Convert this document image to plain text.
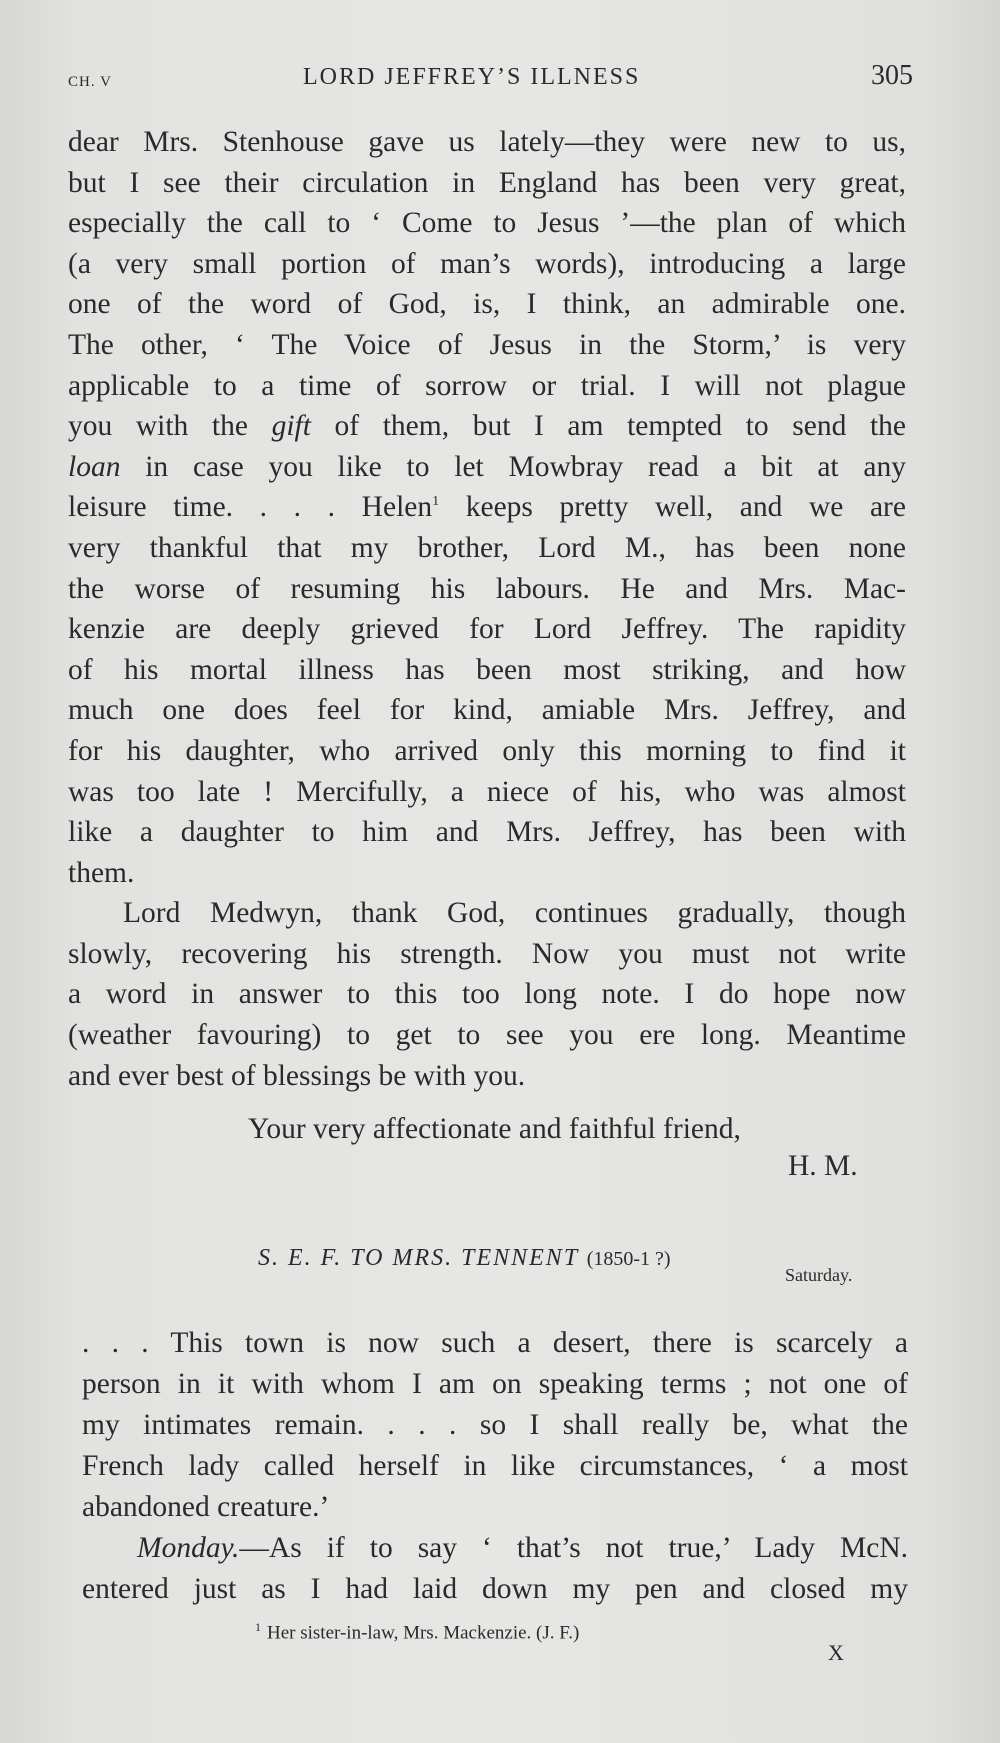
CH. V	LORD JEFFREY’S ILLNESS	305
dear Mrs. Stenhouse gave us lately—they were new to us,
but I see their circulation in England has been very great,
especially the call to ‘ Come to Jesus ’—the plan of which
(a very small portion of man’s words), introducing a large
one of the word of God, is, I think, an admirable one.
The other, ‘ The Voice of Jesus in the Storm,’ is very
applicable to a time of sorrow or trial. I will not plague
you with the gift of them, but I am tempted to send the
loan in case you like to let Mowbray read a bit at any
leisure time. . . . Helen$^1$ keeps pretty well, and we are
very thankful that my brother, Lord M., has been none
the worse of resuming his labours. He and Mrs. Mac-
kenzie are deeply grieved for Lord Jeffrey. The rapidity
of his mortal illness has been most striking, and how
much one does feel for kind, amiable Mrs. Jeffrey, and
for his daughter, who arrived only this morning to find it
was too late ! Mercifully, a niece of his, who was almost
like a daughter to him and Mrs. Jeffrey, has been with
them.
Lord Medwyn, thank God, continues gradually, though
slowly, recovering his strength. Now you must not write
a word in answer to this too long note. I do hope now
(weather favouring) to get to see you ere long. Meantime
and ever best of blessings be with you.
Your very affectionate and faithful friend,
H. M.
S. E. F. TO MRS. TENNENT (1850-1 ?)
Saturday.
. . . This town is now such a desert, there is scarcely a
person in it with whom I am on speaking terms ; not one of
my intimates remain. . . . so I shall really be, what the
French lady called herself in like circumstances, ‘ a most
abandoned creature.’
Monday.—As if to say ‘ that’s not true,’ Lady McN.
entered just as I had laid down my pen and closed my
$^1$ Her sister-in-law, Mrs. Mackenzie. (J. F.)
X
